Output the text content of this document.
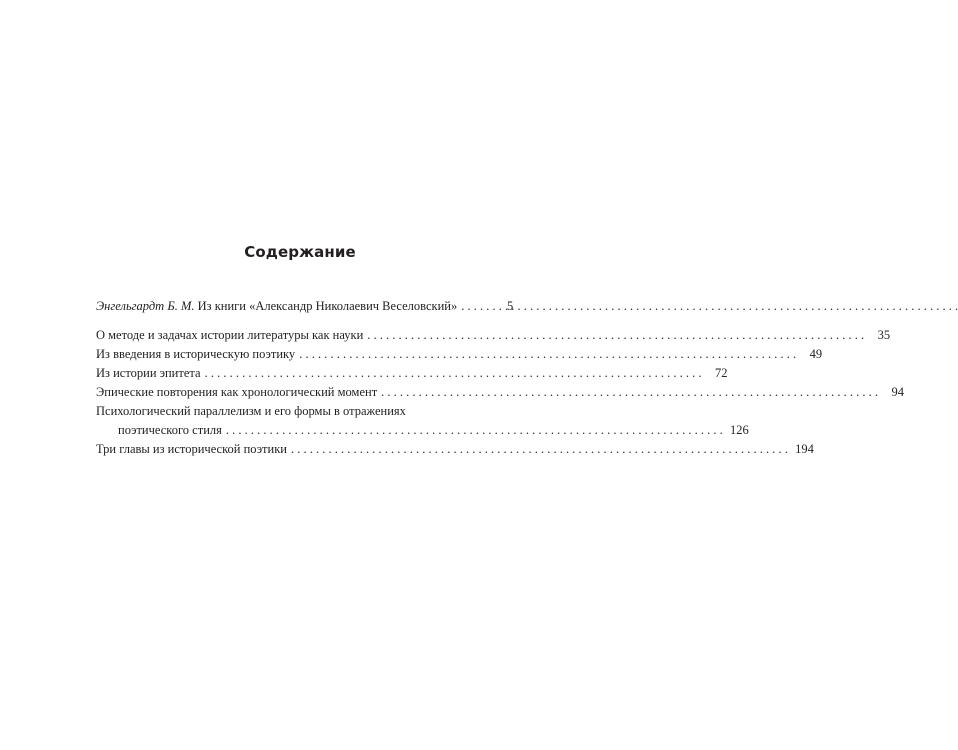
Содержание
Энгельгардт Б. М. Из книги «Александр Николаевич Веселовский» . . .	5
О методе и задачах истории литературы как науки . . .	35
Из введения в историческую поэтику . . .	49
Из истории эпитета . . .	72
Эпические повторения как хронологический момент . . .	94
Психологический параллелизм и его формы в отражениях
поэтического стиля . . .	126
Три главы из исторической поэтики . . .	194
